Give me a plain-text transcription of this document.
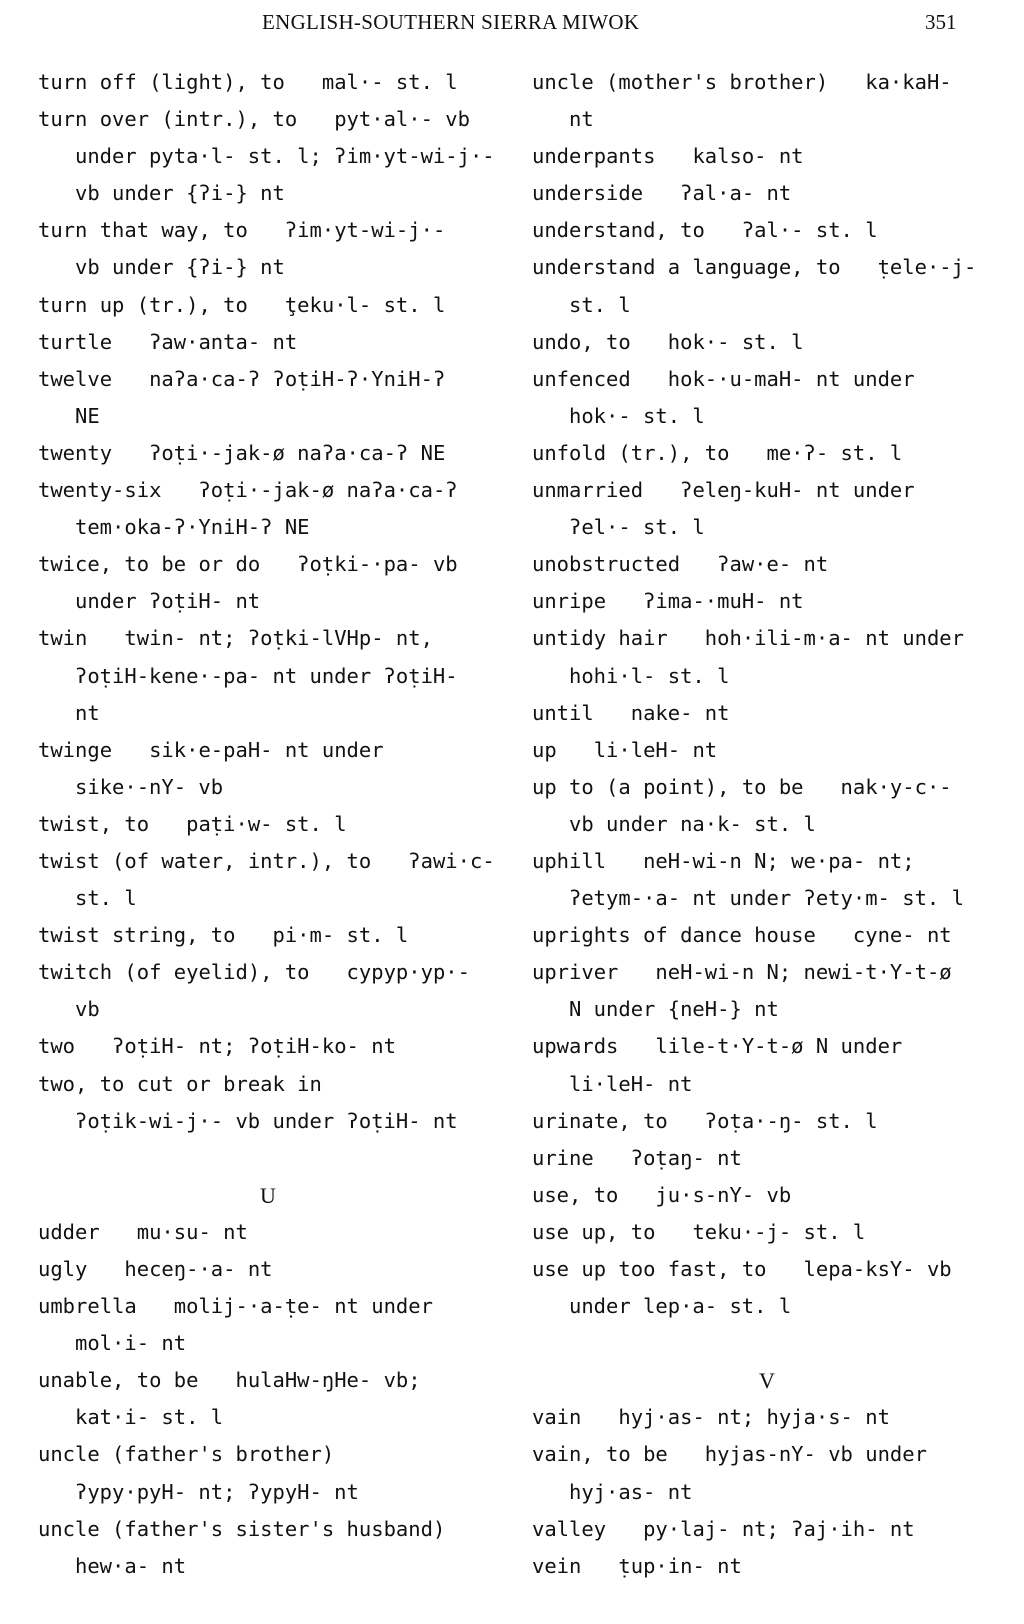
ENGLISH-SOUTHERN SIERRA MIWOK	351
turn off (light), to   mal·- st. l
turn over (intr.), to   pyt·al·- vb
under pyta·l- st. l; ʔim·yt-wi-j·-
vb under {ʔi-} nt
turn that way, to   ʔim·yt-wi-j·-
vb under {ʔi-} nt
turn up (tr.), to   ţeku·l- st. l
turtle   ʔaw·anta- nt
twelve   naʔa·ca-ʔ ʔoṭiH-ʔ·YniH-ʔ
NE
twenty   ʔoṭi·-jak-ø naʔa·ca-ʔ NE
twenty-six   ʔoṭi·-jak-ø naʔa·ca-ʔ
tem·oka-ʔ·YniH-ʔ NE
twice, to be or do   ʔoṭki-·pa- vb
under ʔoṭiH- nt
twin   twin- nt; ʔoṭki-lVHp- nt,
ʔoṭiH-kene·-pa- nt under ʔoṭiH-
nt
twinge   sik·e-paH- nt under
sike·-nY- vb
twist, to   paṭi·w- st. l
twist (of water, intr.), to   ʔawi·c-
st. l
twist string, to   pi·m- st. l
twitch (of eyelid), to   cypyp·yp·-
vb
two   ʔoṭiH- nt; ʔoṭiH-ko- nt
two, to cut or break in
ʔoṭik-wi-j·- vb under ʔoṭiH- nt
U
udder   mu·su- nt
ugly   heceŋ-·a- nt
umbrella   molij-·a-ṭe- nt under
mol·i- nt
unable, to be   hulaHw-ŋHe- vb;
kat·i- st. l
uncle (father's brother)
ʔypy·pyH- nt; ʔypyH- nt
uncle (father's sister's husband)
hew·a- nt
uncle (mother's brother)   ka·kaH-
nt
underpants   kalso- nt
underside   ʔal·a- nt
understand, to   ʔal·- st. l
understand a language, to   ṭele·-j-
st. l
undo, to   hok·- st. l
unfenced   hok-·u-maH- nt under
hok·- st. l
unfold (tr.), to   me·ʔ- st. l
unmarried   ʔeleŋ-kuH- nt under
ʔel·- st. l
unobstructed   ʔaw·e- nt
unripe   ʔima-·muH- nt
untidy hair   hoh·ili-m·a- nt under
hohi·l- st. l
until   nake- nt
up   li·leH- nt
up to (a point), to be   nak·y-c·-
vb under na·k- st. l
uphill   neH-wi-n N; we·pa- nt;
ʔetym-·a- nt under ʔety·m- st. l
uprights of dance house   cyne- nt
upriver   neH-wi-n N; newi-t·Y-t-ø
N under {neH-} nt
upwards   lile-t·Y-t-ø N under
li·leH- nt
urinate, to   ʔoṭa·-ŋ- st. l
urine   ʔoṭaŋ- nt
use, to   ju·s-nY- vb
use up, to   teku·-j- st. l
use up too fast, to   lepa-ksY- vb
under lep·a- st. l
V
vain   hyj·as- nt; hyja·s- nt
vain, to be   hyjas-nY- vb under
hyj·as- nt
valley   py·laj- nt; ʔaj·ih- nt
vein   ṭup·in- nt
